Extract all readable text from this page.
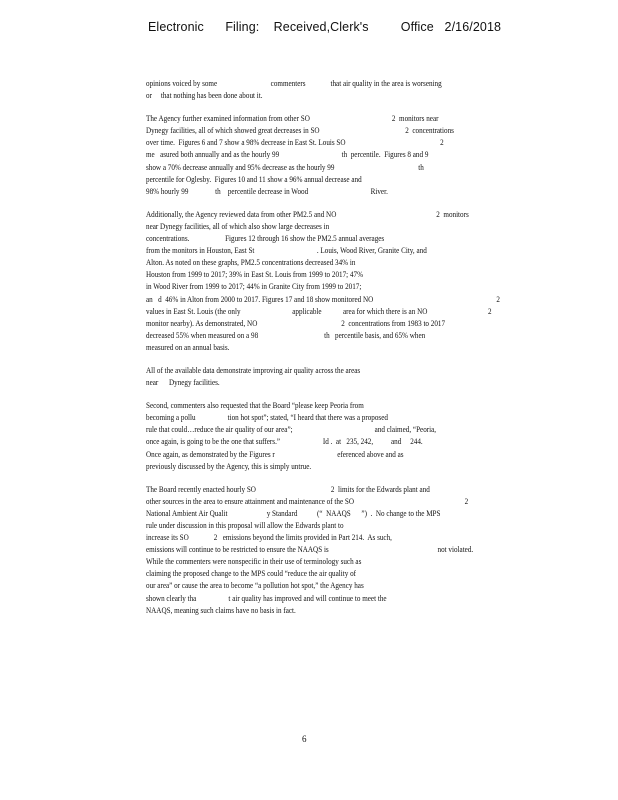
Electronic      Filing:    Received,Clerk's         Office   2/16/2018
opinions voiced by some                              commenters              that air quality in the area is worsening
or     that nothing has been done about it.
The Agency further examined information from other SO                                              2  monitors near
Dynegy facilities, all of which showed great decreases in SO                                                2  concentrations
over time.  Figures 6 and 7 show a 98% decrease in East St. Louis SO                                                     2
me   asured both annually and as the hourly 99                                   th  percentile.  Figures 8 and 9
show a 70% decrease annually and 95% decrease as the hourly 99                                               th
percentile for Oglesby.  Figures 10 and 11 show a 96% annual decrease and
98% hourly 99               th    percentile decrease in Wood                                   River.
Additionally, the Agency reviewed data from other PM2.5 and NO                                                        2  monitors
near Dynegy facilities, all of which also show large decreases in
concentrations.                    Figures 12 through 16 show the PM2.5 annual averages
from the monitors in Houston, East St                                   . Louis, Wood River, Granite City, and
Alton. As noted on these graphs, PM2.5 concentrations decreased 34% in
Houston from 1999 to 2017; 39% in East St. Louis from 1999 to 2017; 47%
in Wood River from 1999 to 2017; 44% in Granite City from 1999 to 2017;
an   d  46% in Alton from 2000 to 2017. Figures 17 and 18 show monitored NO                                                                     2
values in East St. Louis (the only                             applicable            area for which there is an NO                                  2
monitor nearby). As demonstrated, NO                                               2  concentrations from 1983 to 2017
decreased 55% when measured on a 98                                     th   percentile basis, and 65% when
measured on an annual basis.
All of the available data demonstrate improving air quality across the areas
near      Dynegy facilities.
Second, commenters also requested that the Board “please keep Peoria from
becoming a pollu                  tion hot spot”; stated, “I heard that there was a proposed
rule that could…reduce the air quality of our area”;                                              and claimed, “Peoria,
once again, is going to be the one that suffers.”                        Id .  at   235, 242,          and     244.
Once again, as demonstrated by the Figures r                                   eferenced above and as
previously discussed by the Agency, this is simply untrue.
The Board recently enacted hourly SO                                          2  limits for the Edwards plant and
other sources in the area to ensure attainment and maintenance of the SO                                                              2
National Ambient Air Qualit                      y Standard           (“  NAAQS      ”)  .  No change to the MPS
rule under discussion in this proposal will allow the Edwards plant to
increase its SO              2   emissions beyond the limits provided in Part 214.  As such,
emissions will continue to be restricted to ensure the NAAQS is                                                             not violated.
While the commenters were nonspecific in their use of terminology such as
claiming the proposed change to the MPS could “reduce the air quality of
our area” or cause the area to become “a pollution hot spot,” the Agency has
shown clearly tha                  t air quality has improved and will continue to meet the
NAAQS, meaning such claims have no basis in fact.
6
